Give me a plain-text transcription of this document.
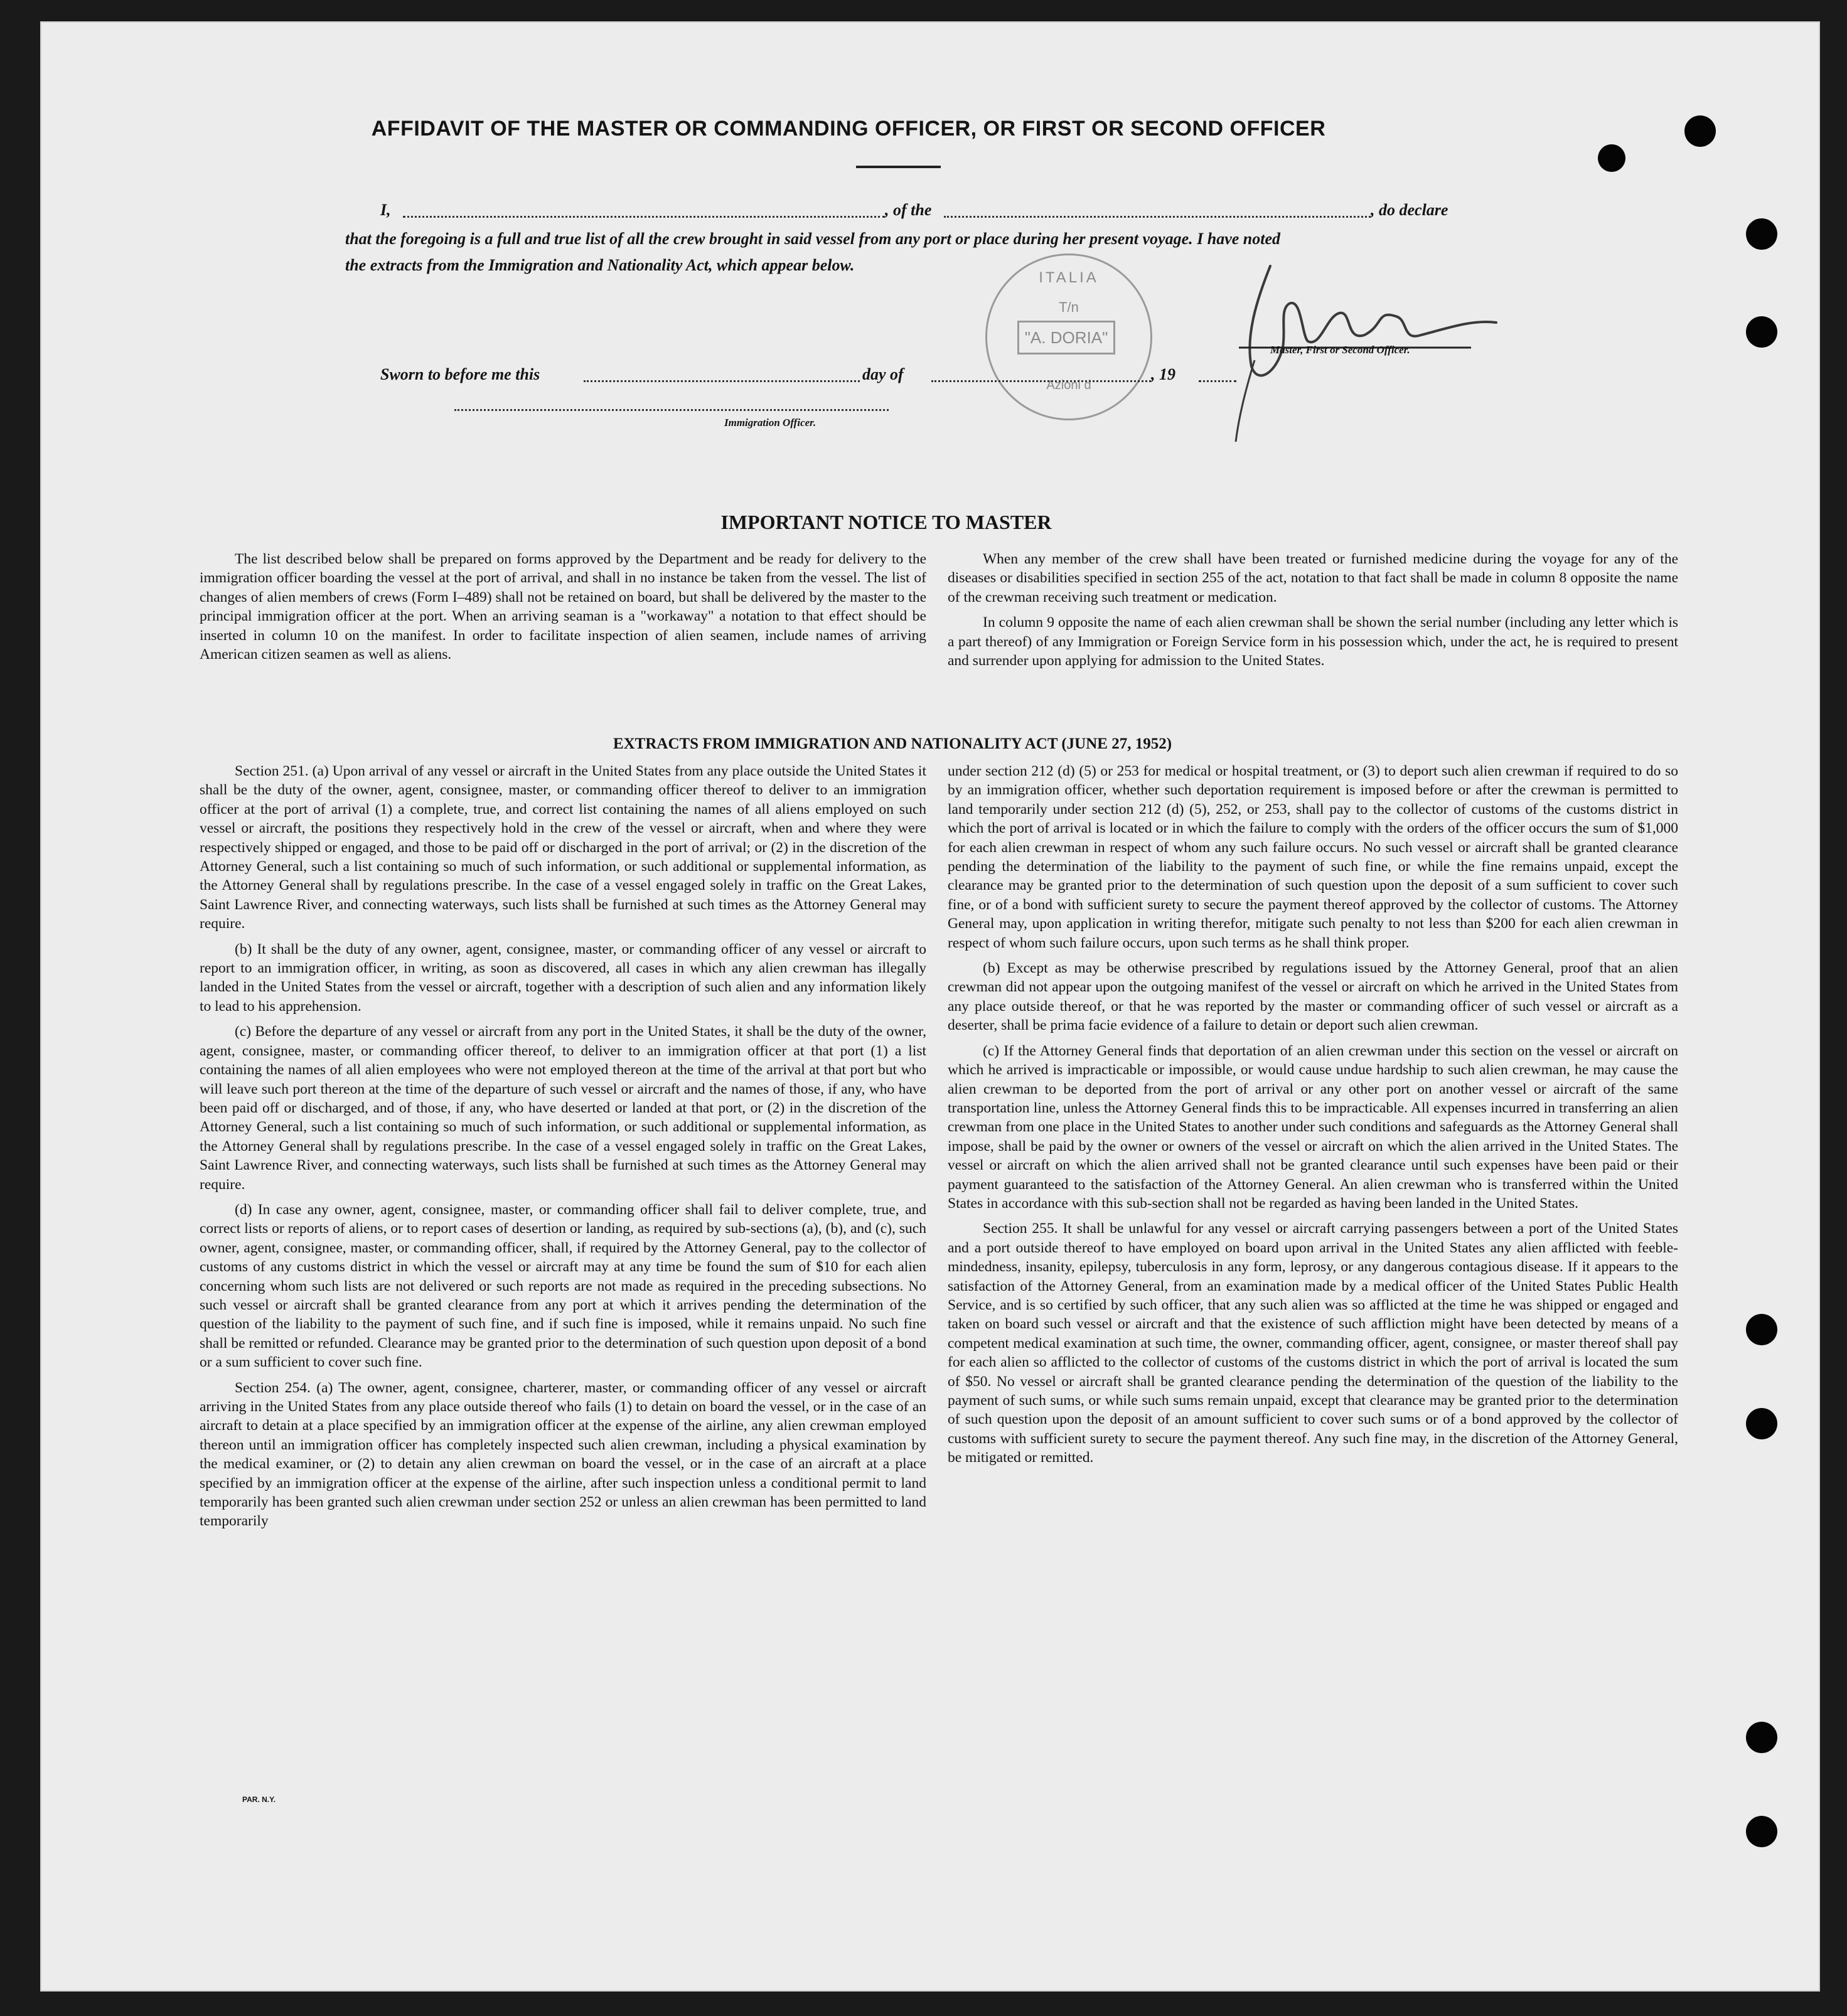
AFFIDAVIT OF THE MASTER OR COMMANDING OFFICER, OR FIRST OR SECOND OFFICER
I,	, of the	, do declare
that the foregoing is a full and true list of all the crew brought in said vessel from any port or place during her present voyage. I have noted
the extracts from the Immigration and Nationality Act, which appear below.
ITALIA
T/n
"A. DORIA"
Azioni d
Master, First or Second Officer.
Sworn to before me this	day of	, 19
Immigration Officer.
IMPORTANT NOTICE TO MASTER

The list described below shall be prepared on forms approved by the Department and be ready for delivery to the immigration officer boarding the vessel at the port of arrival, and shall in no instance be taken from the vessel. The list of changes of alien members of crews (Form I–489) shall not be retained on board, but shall be delivered by the master to the principal immigration officer at the port. When an arriving seaman is a "workaway" a notation to that effect should be inserted in column 10 on the manifest. In order to facilitate inspection of alien seamen, include names of arriving American citizen seamen as well as aliens.

When any member of the crew shall have been treated or furnished medicine during the voyage for any of the diseases or disabilities specified in section 255 of the act, notation to that fact shall be made in column 8 opposite the name of the crewman receiving such treatment or medication.

In column 9 opposite the name of each alien crewman shall be shown the serial number (including any letter which is a part thereof) of any Immigration or Foreign Service form in his possession which, under the act, he is required to present and surrender upon applying for admission to the United States.

EXTRACTS FROM IMMIGRATION AND NATIONALITY ACT (JUNE 27, 1952)

Section 251. (a) Upon arrival of any vessel or aircraft in the United States from any place outside the United States it shall be the duty of the owner, agent, consignee, master, or commanding officer thereof to deliver to an immigration officer at the port of arrival (1) a complete, true, and correct list containing the names of all aliens employed on such vessel or aircraft, the positions they respectively hold in the crew of the vessel or aircraft, when and where they were respectively shipped or engaged, and those to be paid off or discharged in the port of arrival; or (2) in the discretion of the Attorney General, such a list containing so much of such information, or such additional or supplemental information, as the Attorney General shall by regulations prescribe. In the case of a vessel engaged solely in traffic on the Great Lakes, Saint Lawrence River, and connecting waterways, such lists shall be furnished at such times as the Attorney General may require.

(b) It shall be the duty of any owner, agent, consignee, master, or commanding officer of any vessel or aircraft to report to an immigration officer, in writing, as soon as discovered, all cases in which any alien crewman has illegally landed in the United States from the vessel or aircraft, together with a description of such alien and any information likely to lead to his apprehension.

(c) Before the departure of any vessel or aircraft from any port in the United States, it shall be the duty of the owner, agent, consignee, master, or commanding officer thereof, to deliver to an immigration officer at that port (1) a list containing the names of all alien employees who were not employed thereon at the time of the arrival at that port but who will leave such port thereon at the time of the departure of such vessel or aircraft and the names of those, if any, who have been paid off or discharged, and of those, if any, who have deserted or landed at that port, or (2) in the discretion of the Attorney General, such a list containing so much of such information, or such additional or supplemental information, as the Attorney General shall by regulations prescribe. In the case of a vessel engaged solely in traffic on the Great Lakes, Saint Lawrence River, and connecting waterways, such lists shall be furnished at such times as the Attorney General may require.

(d) In case any owner, agent, consignee, master, or commanding officer shall fail to deliver complete, true, and correct lists or reports of aliens, or to report cases of desertion or landing, as required by sub-sections (a), (b), and (c), such owner, agent, consignee, master, or commanding officer, shall, if required by the Attorney General, pay to the collector of customs of any customs district in which the vessel or aircraft may at any time be found the sum of $10 for each alien concerning whom such lists are not delivered or such reports are not made as required in the preceding subsections. No such vessel or aircraft shall be granted clearance from any port at which it arrives pending the determination of the question of the liability to the payment of such fine, and if such fine is imposed, while it remains unpaid. No such fine shall be remitted or refunded. Clearance may be granted prior to the determination of such question upon deposit of a bond or a sum sufficient to cover such fine.

Section 254. (a) The owner, agent, consignee, charterer, master, or commanding officer of any vessel or aircraft arriving in the United States from any place outside thereof who fails (1) to detain on board the vessel, or in the case of an aircraft to detain at a place specified by an immigration officer at the expense of the airline, any alien crewman employed thereon until an immigration officer has completely inspected such alien crewman, including a physical examination by the medical examiner, or (2) to detain any alien crewman on board the vessel, or in the case of an aircraft at a place specified by an immigration officer at the expense of the airline, after such inspection unless a conditional permit to land temporarily has been granted such alien crewman under section 252 or unless an alien crewman has been permitted to land temporarily

under section 212 (d) (5) or 253 for medical or hospital treatment, or (3) to deport such alien crewman if required to do so by an immigration officer, whether such deportation requirement is imposed before or after the crewman is permitted to land temporarily under section 212 (d) (5), 252, or 253, shall pay to the collector of customs of the customs district in which the port of arrival is located or in which the failure to comply with the orders of the officer occurs the sum of $1,000 for each alien crewman in respect of whom any such failure occurs. No such vessel or aircraft shall be granted clearance pending the determination of the liability to the payment of such fine, or while the fine remains unpaid, except the clearance may be granted prior to the determination of such question upon the deposit of a sum sufficient to cover such fine, or of a bond with sufficient surety to secure the payment thereof approved by the collector of customs. The Attorney General may, upon application in writing therefor, mitigate such penalty to not less than $200 for each alien crewman in respect of whom such failure occurs, upon such terms as he shall think proper.

(b) Except as may be otherwise prescribed by regulations issued by the Attorney General, proof that an alien crewman did not appear upon the outgoing manifest of the vessel or aircraft on which he arrived in the United States from any place outside thereof, or that he was reported by the master or commanding officer of such vessel or aircraft as a deserter, shall be prima facie evidence of a failure to detain or deport such alien crewman.

(c) If the Attorney General finds that deportation of an alien crewman under this section on the vessel or aircraft on which he arrived is impracticable or impossible, or would cause undue hardship to such alien crewman, he may cause the alien crewman to be deported from the port of arrival or any other port on another vessel or aircraft of the same transportation line, unless the Attorney General finds this to be impracticable. All expenses incurred in transferring an alien crewman from one place in the United States to another under such conditions and safeguards as the Attorney General shall impose, shall be paid by the owner or owners of the vessel or aircraft on which the alien arrived in the United States. The vessel or aircraft on which the alien arrived shall not be granted clearance until such expenses have been paid or their payment guaranteed to the satisfaction of the Attorney General. An alien crewman who is transferred within the United States in accordance with this sub-section shall not be regarded as having been landed in the United States.

Section 255. It shall be unlawful for any vessel or aircraft carrying passengers between a port of the United States and a port outside thereof to have employed on board upon arrival in the United States any alien afflicted with feeble-mindedness, insanity, epilepsy, tuberculosis in any form, leprosy, or any dangerous contagious disease. If it appears to the satisfaction of the Attorney General, from an examination made by a medical officer of the United States Public Health Service, and is so certified by such officer, that any such alien was so afflicted at the time he was shipped or engaged and taken on board such vessel or aircraft and that the existence of such affliction might have been detected by means of a competent medical examination at such time, the owner, commanding officer, agent, consignee, or master thereof shall pay for each alien so afflicted to the collector of customs of the customs district in which the port of arrival is located the sum of $50. No vessel or aircraft shall be granted clearance pending the determination of the question of the liability to the payment of such sums, or while such sums remain unpaid, except that clearance may be granted prior to the determination of such question upon the deposit of an amount sufficient to cover such sums or of a bond approved by the collector of customs with sufficient surety to secure the payment thereof. Any such fine may, in the discretion of the Attorney General, be mitigated or remitted.

PAR. N.Y.
